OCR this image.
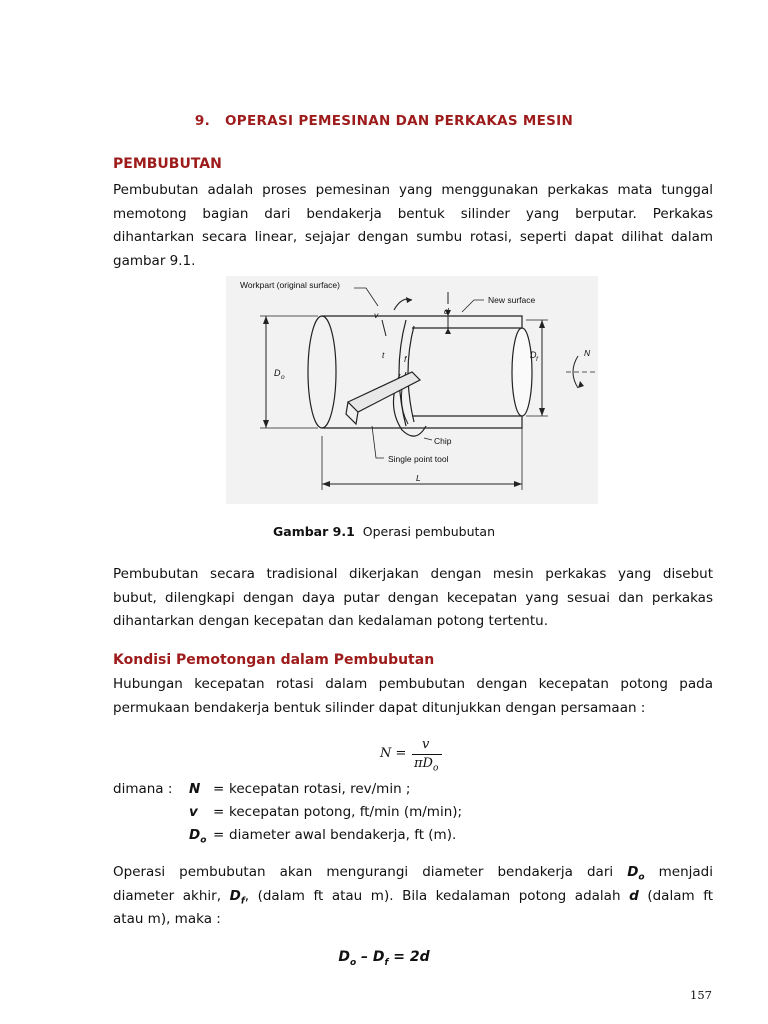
9. OPERASI PEMESINAN DAN PERKAKAS MESIN
PEMBUBUTAN
Pembubutan adalah proses pemesinan yang menggunakan perkakas mata tunggal
memotong bagian dari bendakerja bentuk silinder yang berputar. Perkakas
dihantarkan secara linear, sejajar dengan sumbu rotasi, seperti dapat dilihat dalam
gambar 9.1.
Workpart (original surface)
New surface
Chip
Single point tool
D o
D f
d
v
f
t	N
L
Gambar 9.1 Operasi pembubutan
Pembubutan secara tradisional dikerjakan dengan mesin perkakas yang disebut
bubut, dilengkapi dengan daya putar dengan kecepatan yang sesuai dan perkakas
dihantarkan dengan kecepatan dan kedalaman potong tertentu.
Kondisi Pemotongan dalam Pembubutan
Hubungan kecepatan rotasi dalam pembubutan dengan kecepatan potong pada
permukaan bendakerja bentuk silinder dapat ditunjukkan dengan persamaan :
N =
v
$\pi D_o$
dimana : N = kecepatan rotasi, rev/min ;
v = kecepatan potong, ft/min (m/min);
$D_o$ = diameter awal bendakerja, ft (m).
Operasi pembubutan akan mengurangi diameter bendakerja dari $D_o$ menjadi
diameter akhir, $D_f$, (dalam ft atau m). Bila kedalaman potong adalah d (dalam ft
atau m), maka :
$D_o - D_f = 2d$
157
